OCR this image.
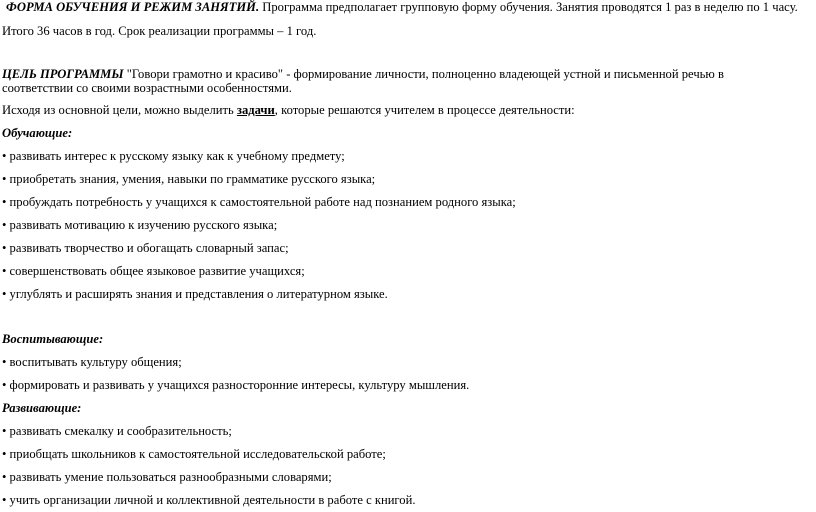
ФОРМА ОБУЧЕНИЯ И РЕЖИМ ЗАНЯТИЙ. Программа предполагает групповую форму обучения. Занятия проводятся 1 раз в неделю по 1 часу.
Итого 36 часов в год. Срок реализации программы – 1 год.
ЦЕЛЬ ПРОГРАММЫ "Говори грамотно и красиво" - формирование личности, полноценно владеющей устной и письменной речью в
соответствии со своими возрастными особенностями.
Исходя из основной цели, можно выделить задачи, которые решаются учителем в процессе деятельности:
Обучающие:
• развивать интерес к русскому языку как к учебному предмету;
• приобретать знания, умения, навыки по грамматике русского языка;
• пробуждать потребность у учащихся к самостоятельной работе над познанием родного языка;
• развивать мотивацию к изучению русского языка;
• развивать творчество и обогащать словарный запас;
• совершенствовать общее языковое развитие учащихся;
• углублять и расширять знания и представления о литературном языке.
Воспитывающие:
• воспитывать культуру общения;
• формировать и развивать у учащихся разносторонние интересы, культуру мышления.
Развивающие:
• развивать смекалку и сообразительность;
• приобщать школьников к самостоятельной исследовательской работе;
• развивать умение пользоваться разнообразными словарями;
• учить организации личной и коллективной деятельности в работе с книгой.
